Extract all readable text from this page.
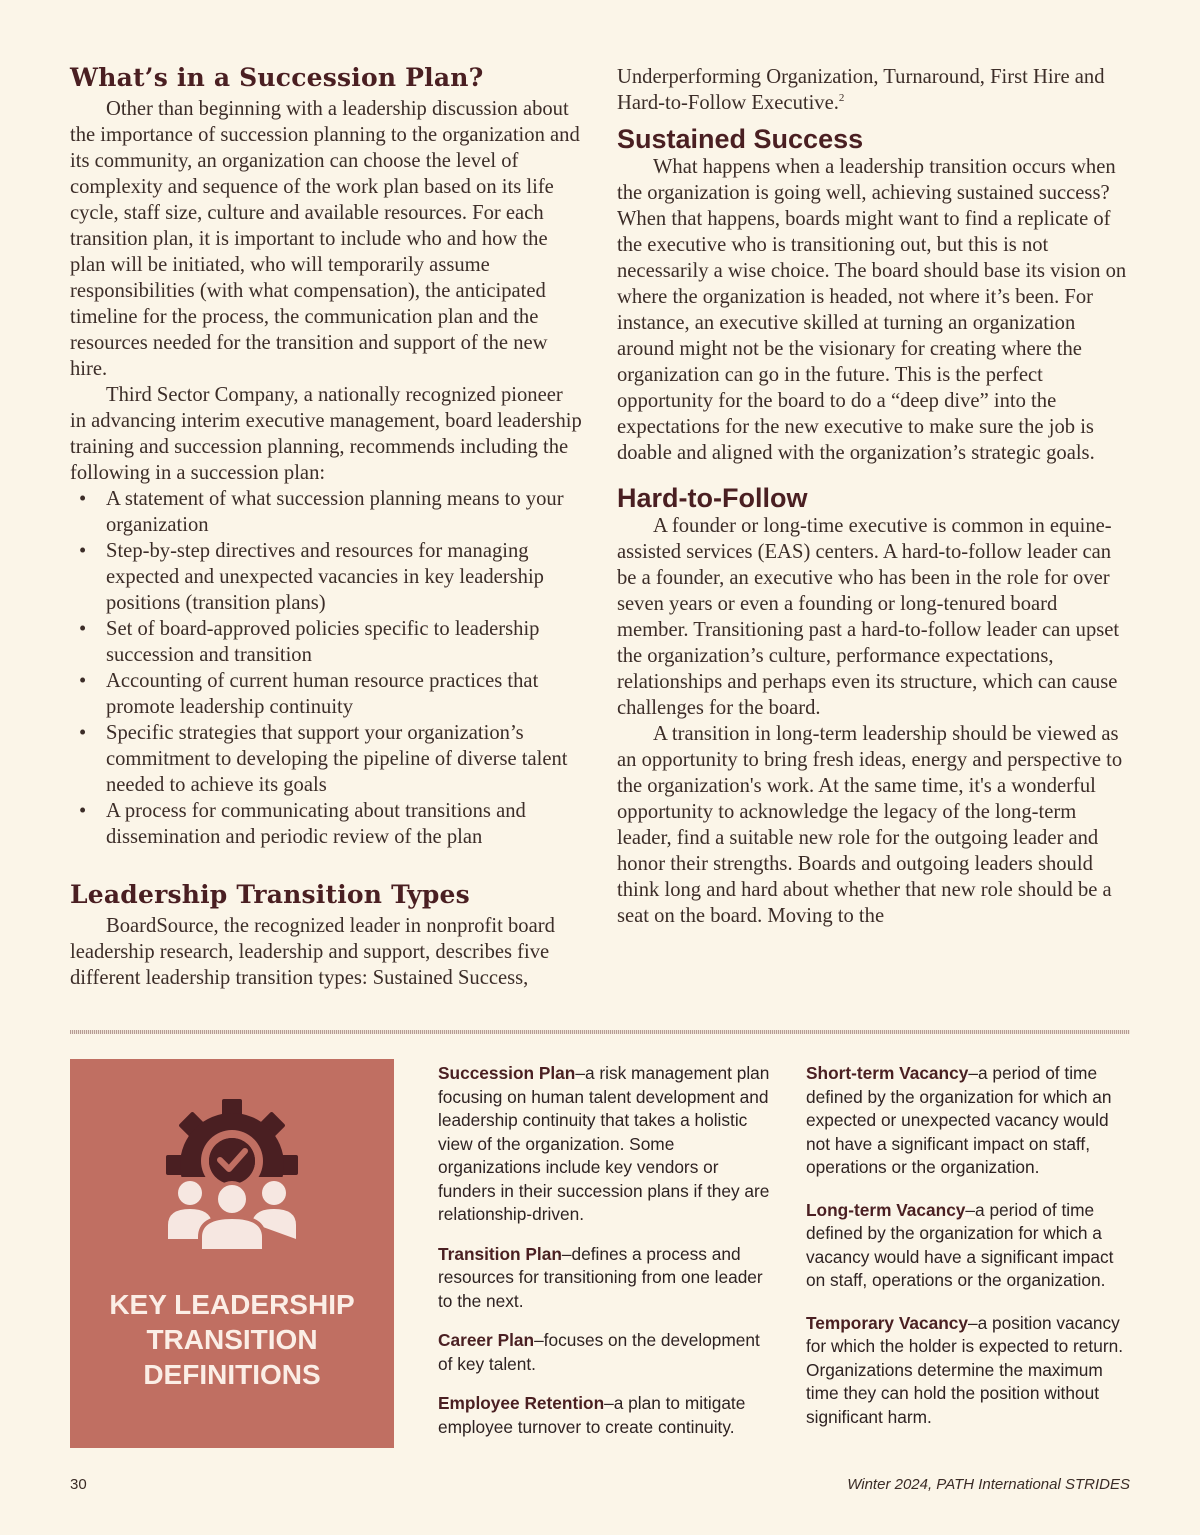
What’s in a Succession Plan?

Other than beginning with a leadership discussion about the importance of succession planning to the organization and its community, an organization can choose the level of complexity and sequence of the work plan based on its life cycle, staff size, culture and available resources. For each transition plan, it is important to include who and how the plan will be initiated, who will temporarily assume responsibilities (with what compensation), the anticipated timeline for the process, the communication plan and the resources needed for the transition and support of the new hire.

Third Sector Company, a nationally recognized pioneer in advancing interim executive management, board leadership training and succession planning, recommends including the following in a succession plan:

• A statement of what succession planning means to your organization
• Step-by-step directives and resources for managing expected and unexpected vacancies in key leadership positions (transition plans)
• Set of board-approved policies specific to leadership succession and transition
• Accounting of current human resource practices that promote leadership continuity
• Specific strategies that support your organization’s commitment to developing the pipeline of diverse talent needed to achieve its goals
• A process for communicating about transitions and dissemination and periodic review of the plan
Leadership Transition Types

BoardSource, the recognized leader in nonprofit board leadership research, leadership and support, describes five different leadership transition types: Sustained Success,

Underperforming Organization, Turnaround, First Hire and Hard-to-Follow Executive.$^2$

Sustained Success

What happens when a leadership transition occurs when the organization is going well, achieving sustained success? When that happens, boards might want to find a replicate of the executive who is transitioning out, but this is not necessarily a wise choice. The board should base its vision on where the organization is headed, not where it’s been. For instance, an executive skilled at turning an organization around might not be the visionary for creating where the organization can go in the future. This is the perfect opportunity for the board to do a “deep dive” into the expectations for the new executive to make sure the job is doable and aligned with the organization’s strategic goals.

Hard-to-Follow

A founder or long-time executive is common in equine-assisted services (EAS) centers. A hard-to-follow leader can be a founder, an executive who has been in the role for over seven years or even a founding or long-tenured board member. Transitioning past a hard-to-follow leader can upset the organization’s culture, performance expectations, relationships and perhaps even its structure, which can cause challenges for the board.

A transition in long-term leadership should be viewed as an opportunity to bring fresh ideas, energy and perspective to the organization's work. At the same time, it's a wonderful opportunity to acknowledge the legacy of the long-term leader, find a suitable new role for the outgoing leader and honor their strengths. Boards and outgoing leaders should think long and hard about whether that new role should be a seat on the board. Moving to the

KEY LEADERSHIP
TRANSITION
DEFINITIONS
Succession Plan–a risk management plan focusing on human talent development and leadership continuity that takes a holistic view of the organization. Some organizations include key vendors or funders in their succession plans if they are relationship-driven.
Transition Plan–defines a process and resources for transitioning from one leader to the next.
Career Plan–focuses on the development of key talent.
Employee Retention–a plan to mitigate employee turnover to create continuity.
Short-term Vacancy–a period of time defined by the organization for which an expected or unexpected vacancy would not have a significant impact on staff, operations or the organization.
Long-term Vacancy–a period of time defined by the organization for which a vacancy would have a significant impact on staff, operations or the organization.
Temporary Vacancy–a position vacancy for which the holder is expected to return. Organizations determine the maximum time they can hold the position without significant harm.
30	Winter 2024, PATH International STRIDES
